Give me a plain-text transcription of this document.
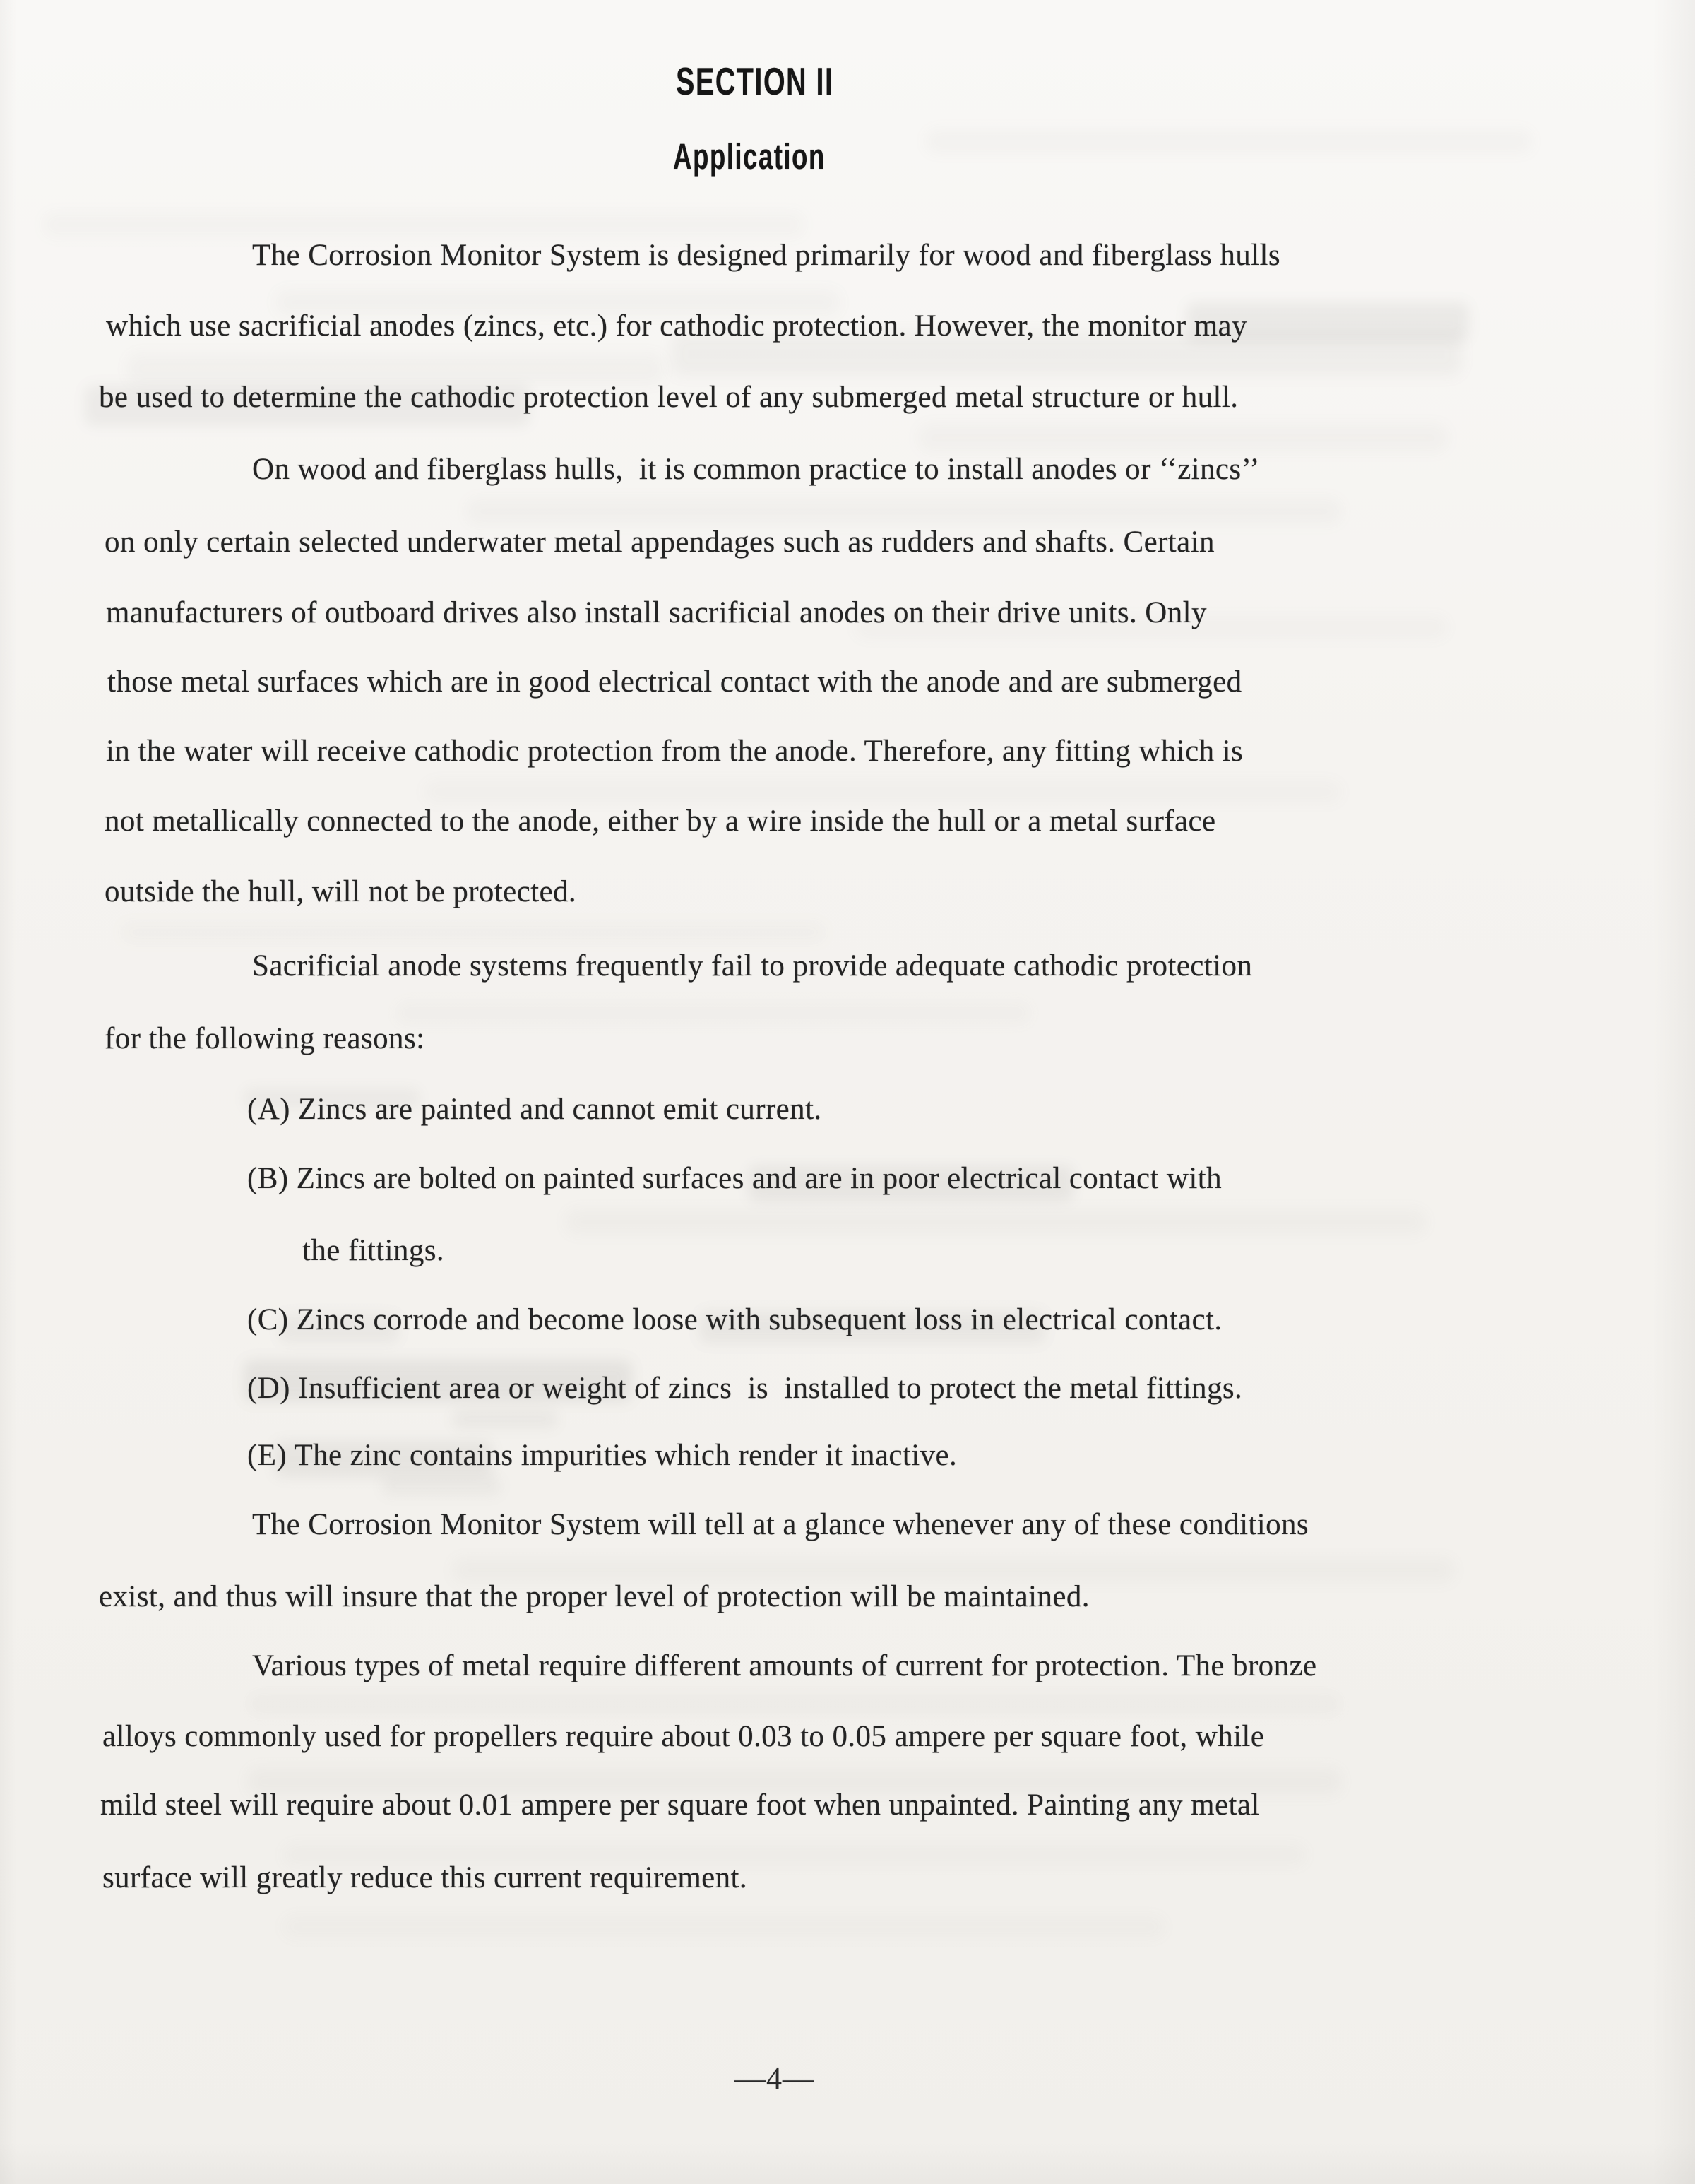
SECTION II
Application
The Corrosion Monitor System is designed primarily for wood and fiberglass hulls
which use sacrificial anodes (zincs, etc.) for cathodic protection. However, the monitor may
be used to determine the cathodic protection level of any submerged metal structure or hull.
On wood and fiberglass hulls,  it is common practice to install anodes or ‘‘zincs’’
on only certain selected underwater metal appendages such as rudders and shafts. Certain
manufacturers of outboard drives also install sacrificial anodes on their drive units. Only
those metal surfaces which are in good electrical contact with the anode and are submerged
in the water will receive cathodic protection from the anode. Therefore, any fitting which is
not metallically connected to the anode, either by a wire inside the hull or a metal surface
outside the hull, will not be protected.
Sacrificial anode systems frequently fail to provide adequate cathodic protection
for the following reasons:
(A) Zincs are painted and cannot emit current.
(B) Zincs are bolted on painted surfaces and are in poor electrical contact with
the fittings.
(C) Zincs corrode and become loose with subsequent loss in electrical contact.
(D) Insufficient area or weight of zincs  is  installed to protect the metal fittings.
(E) The zinc contains impurities which render it inactive.
The Corrosion Monitor System will tell at a glance whenever any of these conditions
exist, and thus will insure that the proper level of protection will be maintained.
Various types of metal require different amounts of current for protection. The bronze
alloys commonly used for propellers require about 0.03 to 0.05 ampere per square foot, while
mild steel will require about 0.01 ampere per square foot when unpainted. Painting any metal
surface will greatly reduce this current requirement.
—4—
